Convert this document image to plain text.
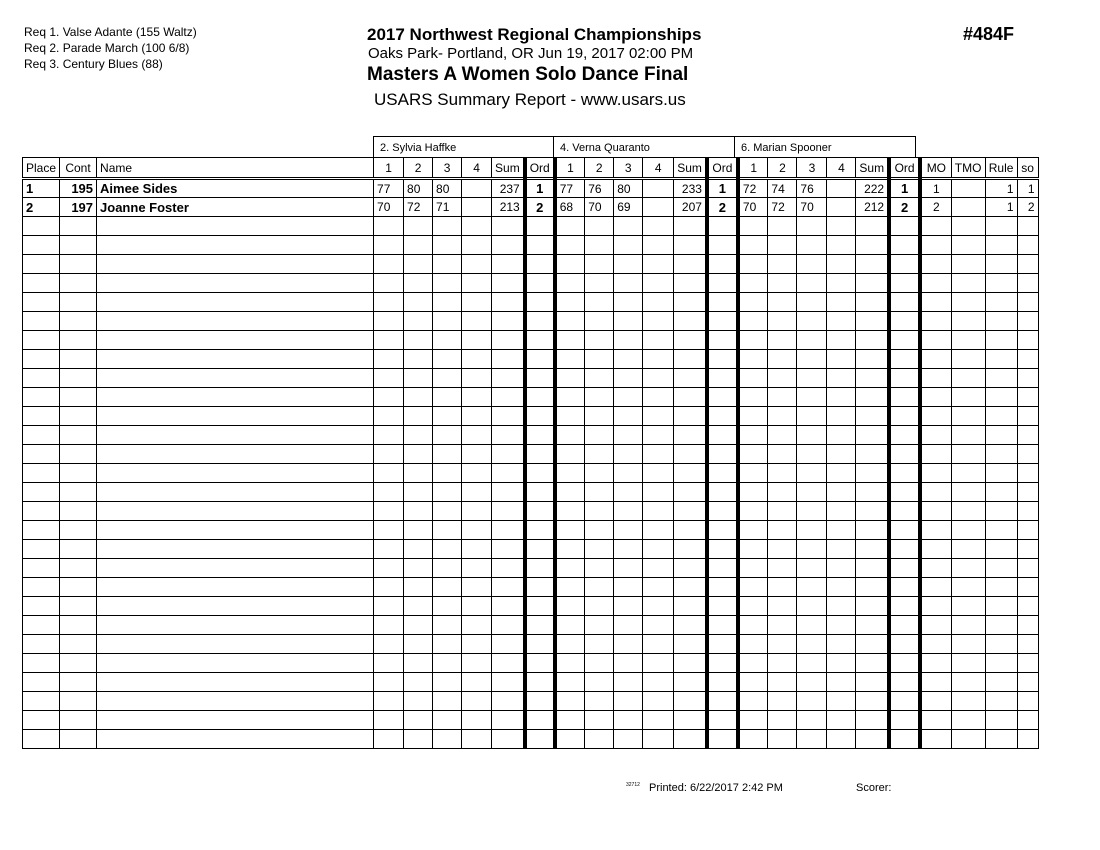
Req 1. Valse Adante (155 Waltz)
Req 2. Parade March (100 6/8)
Req 3. Century Blues (88)
2017 Northwest Regional Championships
Oaks Park- Portland, OR Jun 19, 2017 02:00 PM
Masters A Women Solo Dance Final
USARS Summary Report - www.usars.us
#484F
2. Sylvia Haffke	4. Verna Quaranto	6. Marian Spooner
Place	Cont	Name	1	2	3	4	Sum	Ord	1	2	3	4	Sum	Ord	1	2	3	4	Sum	Ord	MO	TMO	Rule	so
1	195	Aimee Sides	77	80	80		237	1	77	76	80		233	1	72	74	76		222	1	1		1	1
2	197	Joanne Foster	70	72	71		213	2	68	70	69		207	2	70	72	70		212	2	2		1	2

32712 Printed: 6/22/2017 2:42 PM	Scorer:
